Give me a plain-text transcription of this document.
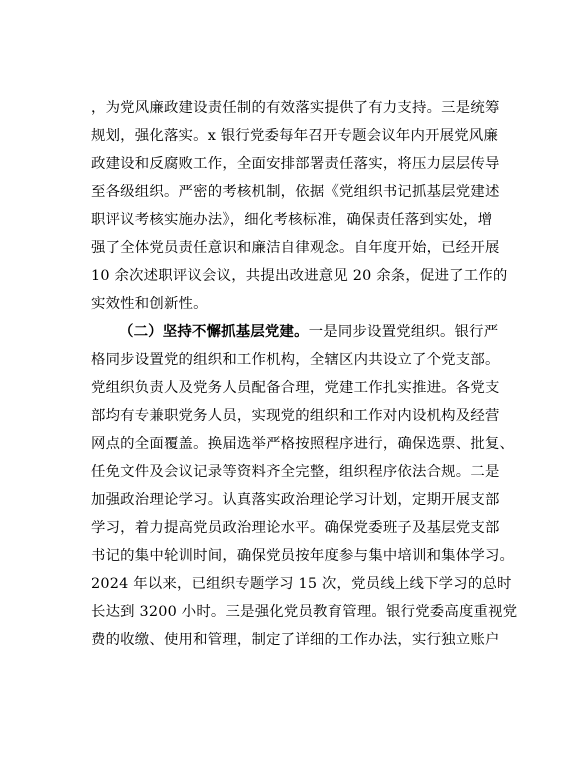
，为党风廉政建设责任制的有效落实提供了有力支持。三是统筹
规划，强化落实。x 银行党委每年召开专题会议年内开展党风廉
政建设和反腐败工作，全面安排部署责任落实，将压力层层传导
至各级组织。严密的考核机制，依据《党组织书记抓基层党建述
职评议考核实施办法》，细化考核标准，确保责任落到实处，增
强了全体党员责任意识和廉洁自律观念。自年度开始，已经开展
10 余次述职评议会议，共提出改进意见 20 余条，促进了工作的
实效性和创新性。
（二）坚持不懈抓基层党建。一是同步设置党组织。银行严
格同步设置党的组织和工作机构，全辖区内共设立了个党支部。
党组织负责人及党务人员配备合理，党建工作扎实推进。各党支
部均有专兼职党务人员，实现党的组织和工作对内设机构及经营
网点的全面覆盖。换届选举严格按照程序进行，确保选票、批复、
任免文件及会议记录等资料齐全完整，组织程序依法合规。二是
加强政治理论学习。认真落实政治理论学习计划，定期开展支部
学习，着力提高党员政治理论水平。确保党委班子及基层党支部
书记的集中轮训时间，确保党员按年度参与集中培训和集体学习。
2024 年以来，已组织专题学习 15 次，党员线上线下学习的总时
长达到 3200 小时。三是强化党员教育管理。银行党委高度重视党
费的收缴、使用和管理，制定了详细的工作办法，实行独立账户
